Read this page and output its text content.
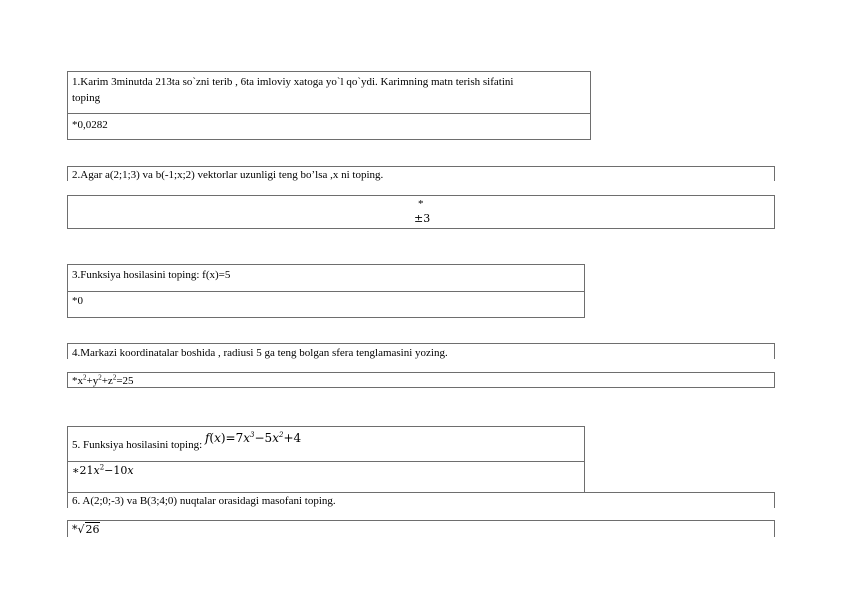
1.Karim 3minutda 213ta so`zni terib , 6ta imloviy xatoga yo`l qo`ydi. Karimning matn terish sifatini
toping
*0,0282
2.Agar a(2;1;3) va b(-1;x;2) vektorlar uzunligi teng bo’lsa ,x ni toping.
*
±3
3.Funksiya hosilasini toping: f(x)=5
*0
4.Markazi koordinatalar boshida , radiusi 5 ga teng bolgan sfera tenglamasini yozing.
$*x^2+y^2+z^2=25$
5. Funksiya hosilasini toping: $f(x)=7x^3-5x^2+4$
$∗21x^2-10x$
6. A(2;0;-3) va B(3;4;0) nuqtalar orasidagi masofani toping.
*√26
